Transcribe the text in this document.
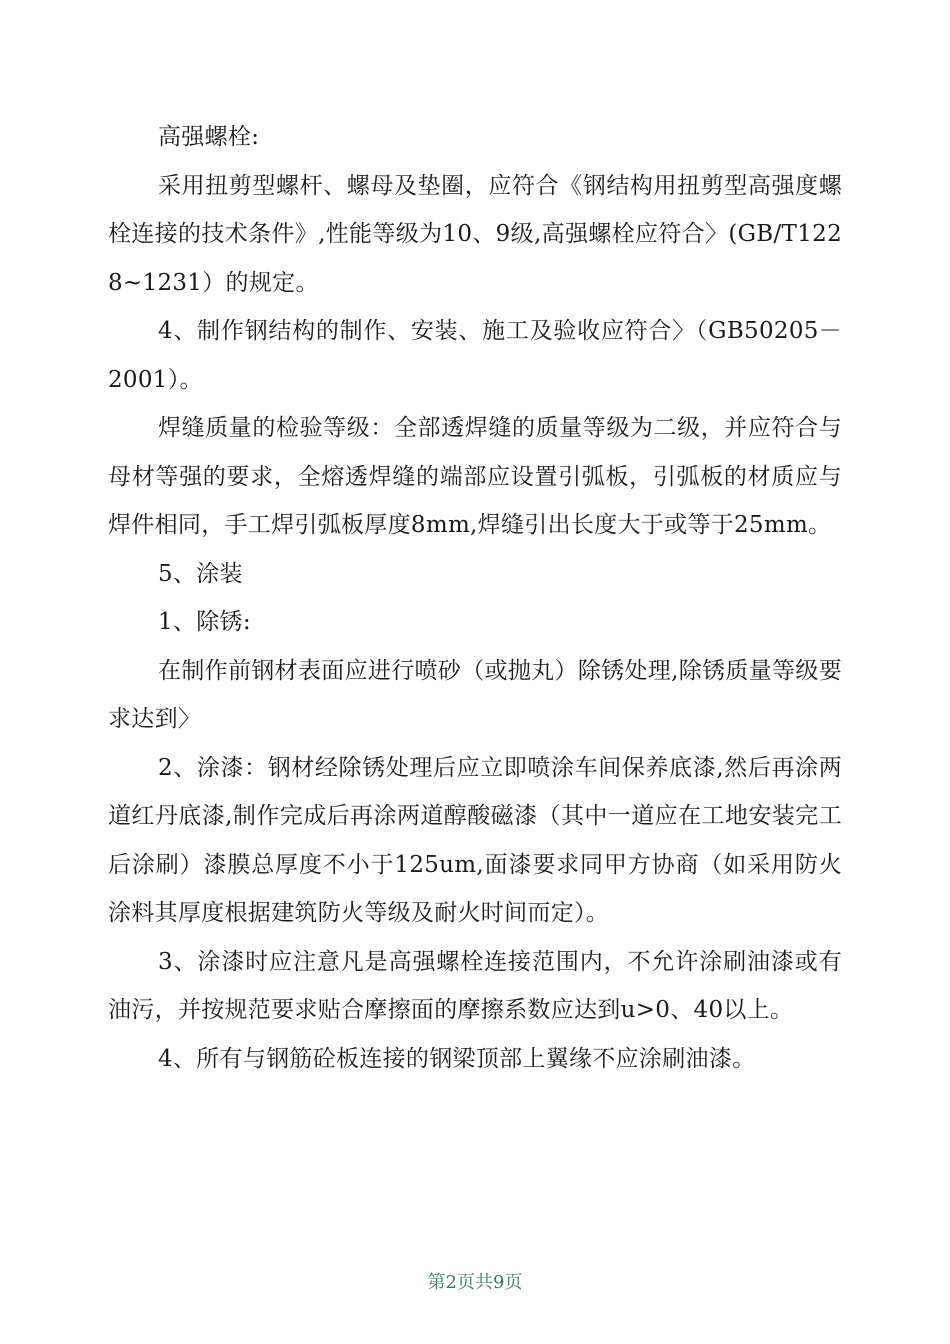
高强螺栓:

采用扭剪型螺杆、螺母及垫圈，应符合《钢结构用扭剪型高强度螺栓连接的技术条件》,性能等级为10、9级,高强螺栓应符合〉(GB/T1228~1231）的规定。

4、制作钢结构的制作、安装、施工及验收应符合〉（GB50205－2001）。

焊缝质量的检验等级：全部透焊缝的质量等级为二级，并应符合与母材等强的要求，全熔透焊缝的端部应设置引弧板，引弧板的材质应与焊件相同，手工焊引弧板厚度8mm,焊缝引出长度大于或等于25mm。

5、涂装

1、除锈:

在制作前钢材表面应进行喷砂（或抛丸）除锈处理,除锈质量等级要求达到〉

2、涂漆：钢材经除锈处理后应立即喷涂车间保养底漆,然后再涂两道红丹底漆,制作完成后再涂两道醇酸磁漆（其中一道应在工地安装完工后涂刷）漆膜总厚度不小于125um,面漆要求同甲方协商（如采用防火涂料其厚度根据建筑防火等级及耐火时间而定）。

3、涂漆时应注意凡是高强螺栓连接范围内，不允许涂刷油漆或有油污，并按规范要求贴合摩擦面的摩擦系数应达到u>0、40以上。

4、所有与钢筋砼板连接的钢梁顶部上翼缘不应涂刷油漆。

第2页共9页
